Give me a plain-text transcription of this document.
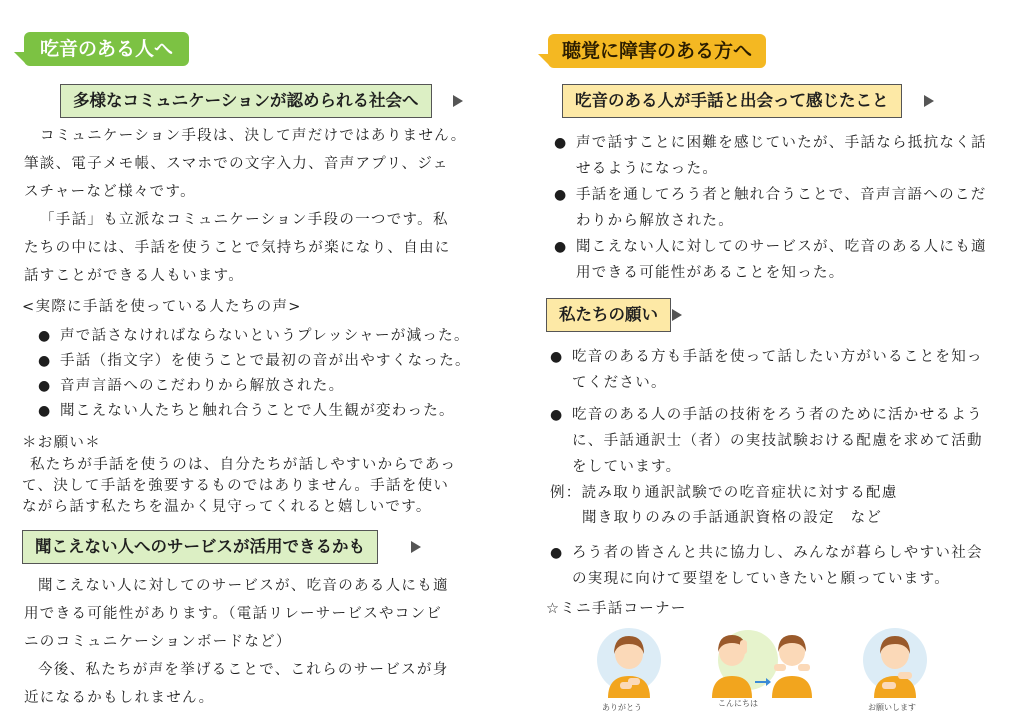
吃音のある人へ
多様なコミュニケーションが認められる社会へ
コミュニケーション手段は、決して声だけではありません。
筆談、電子メモ帳、スマホでの文字入力、音声アプリ、ジェ
スチャーなど様々です。
「手話」も立派なコミュニケーション手段の一つです。私
たちの中には、手話を使うことで気持ちが楽になり、自由に
話すことができる人もいます。
<実際に手話を使っている人たちの声>
● 声で話さなければならないというプレッシャーが減った。
● 手話（指文字）を使うことで最初の音が出やすくなった。
● 音声言語へのこだわりから解放された。
● 聞こえない人たちと触れ合うことで人生観が変わった。
＊お願い＊
私たちが手話を使うのは、自分たちが話しやすいからであっ
て、決して手話を強要するものではありません。手話を使い
ながら話す私たちを温かく見守ってくれると嬉しいです。
聞こえない人へのサービスが活用できるかも
聞こえない人に対してのサービスが、吃音のある人にも適
用できる可能性があります。（電話リレーサービスやコンビ
ニのコミュニケーションボードなど）
今後、私たちが声を挙げることで、これらのサービスが身
近になるかもしれません。
聴覚に障害のある方へ
吃音のある人が手話と出会って感じたこと
● 声で話すことに困難を感じていたが、手話なら抵抗なく話せるようになった。
● 手話を通してろう者と触れ合うことで、音声言語へのこだわりから解放された。
● 聞こえない人に対してのサービスが、吃音のある人にも適用できる可能性があることを知った。
私たちの願い
● 吃音のある方も手話を使って話したい方がいることを知ってください。
● 吃音のある人の手話の技術をろう者のために活かせるように、手話通訳士（者）の実技試験おける配慮を求めて活動をしています。
例：読み取り通訳試験での吃音症状に対する配慮
聞き取りのみの手話通訳資格の設定　など
● ろう者の皆さんと共に協力し、みんなが暮らしやすい社会の実現に向けて要望をしていきたいと願っています。
☆ミニ手話コーナー
ありがとう	こんにちは	お願いします
